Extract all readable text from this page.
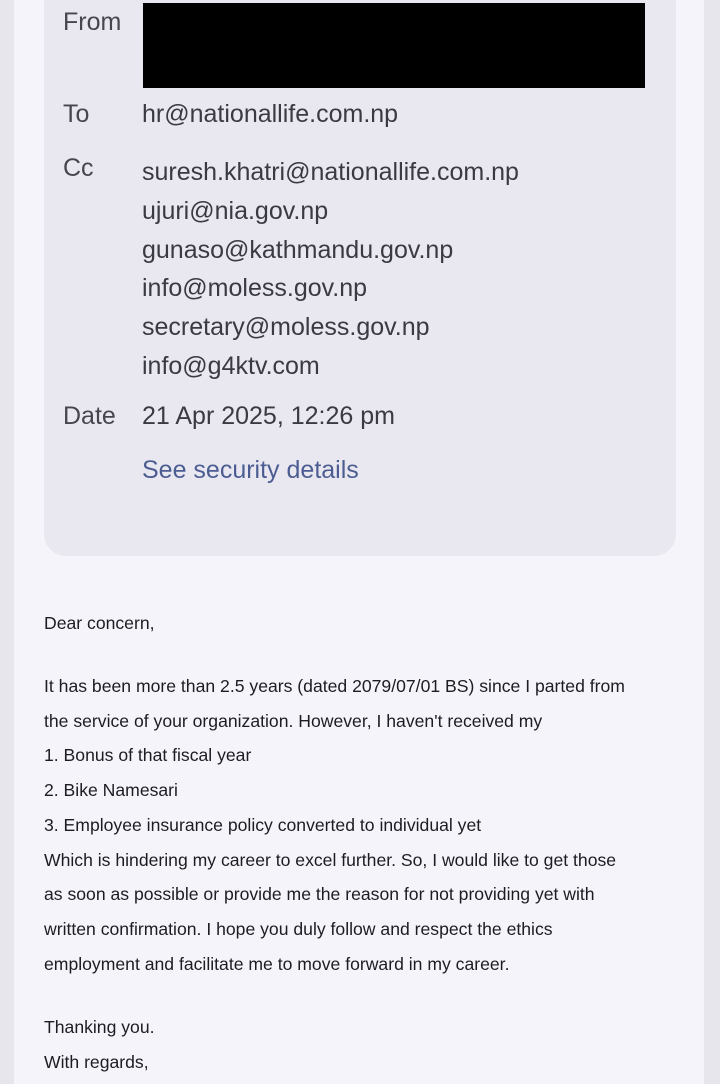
From
To hr@nationallife.com.np
Cc suresh.khatri@nationallife.com.np
ujuri@nia.gov.np
gunaso@kathmandu.gov.np
info@moless.gov.np
secretary@moless.gov.np
info@g4ktv.com
Date 21 Apr 2025, 12:26 pm
See security details
Dear concern,
It has been more than 2.5 years (dated 2079/07/01 BS) since I parted from
the service of your organization. However, I haven't received my
1. Bonus of that fiscal year
2. Bike Namesari
3. Employee insurance policy converted to individual yet
Which is hindering my career to excel further. So, I would like to get those
as soon as possible or provide me the reason for not providing yet with
written confirmation. I hope you duly follow and respect the ethics
employment and facilitate me to move forward in my career.
Thanking you.
With regards,
